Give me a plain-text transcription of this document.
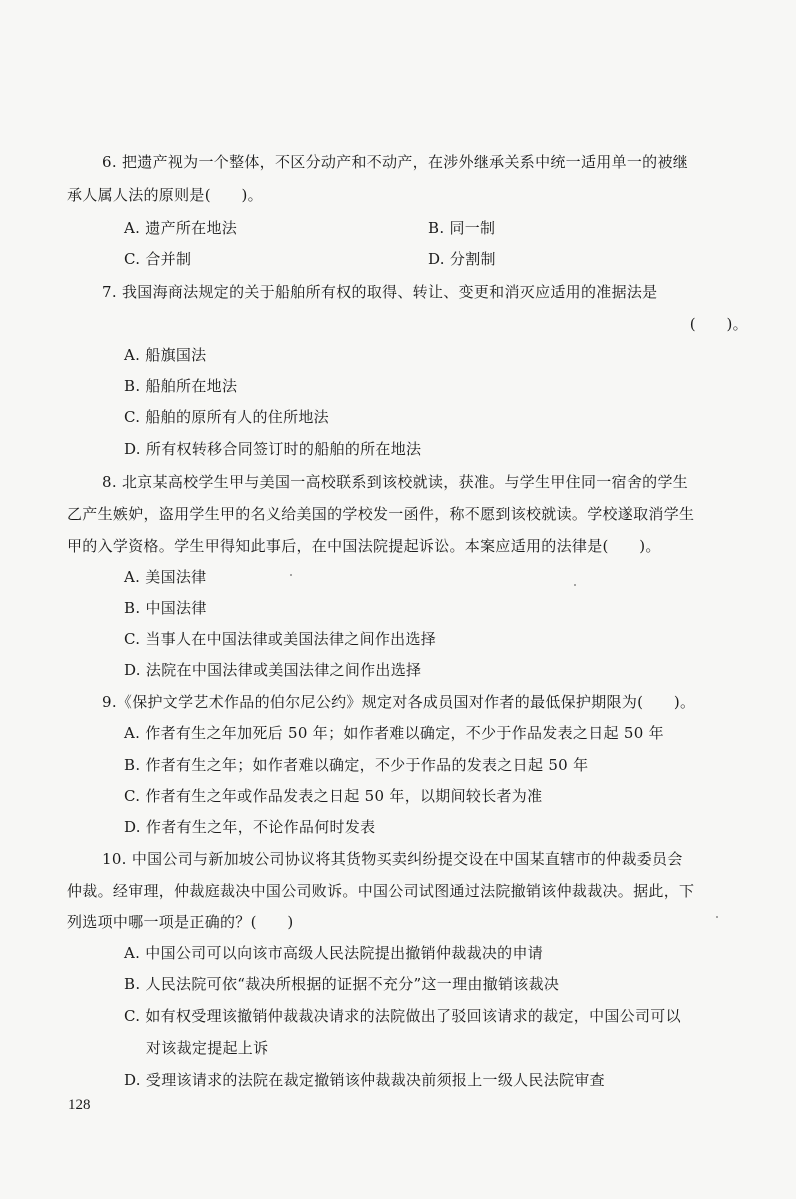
6. 把遗产视为一个整体，不区分动产和不动产，在涉外继承关系中统一适用单一的被继
承人属人法的原则是(　　)。
A. 遗产所在地法	B. 同一制
C. 合并制	D. 分割制
7. 我国海商法规定的关于船舶所有权的取得、转让、变更和消灭应适用的准据法是
(　　)。
A. 船旗国法
B. 船舶所在地法
C. 船舶的原所有人的住所地法
D. 所有权转移合同签订时的船舶的所在地法
8. 北京某高校学生甲与美国一高校联系到该校就读，获准。与学生甲住同一宿舍的学生
乙产生嫉妒，盗用学生甲的名义给美国的学校发一函件，称不愿到该校就读。学校遂取消学生
甲的入学资格。学生甲得知此事后，在中国法院提起诉讼。本案应适用的法律是(　　)。
A. 美国法律
B. 中国法律
C. 当事人在中国法律或美国法律之间作出选择
D. 法院在中国法律或美国法律之间作出选择
9.《保护文学艺术作品的伯尔尼公约》规定对各成员国对作者的最低保护期限为(　　)。
A. 作者有生之年加死后 50 年；如作者难以确定，不少于作品发表之日起 50 年
B. 作者有生之年；如作者难以确定，不少于作品的发表之日起 50 年
C. 作者有生之年或作品发表之日起 50 年，以期间较长者为准
D. 作者有生之年，不论作品何时发表
10. 中国公司与新加坡公司协议将其货物买卖纠纷提交设在中国某直辖市的仲裁委员会
仲裁。经审理，仲裁庭裁决中国公司败诉。中国公司试图通过法院撤销该仲裁裁决。据此，下
列选项中哪一项是正确的？(　　)
A. 中国公司可以向该市高级人民法院提出撤销仲裁裁决的申请
B. 人民法院可依“裁决所根据的证据不充分”这一理由撤销该裁决
C. 如有权受理该撤销仲裁裁决请求的法院做出了驳回该请求的裁定，中国公司可以
对该裁定提起上诉
D. 受理该请求的法院在裁定撤销该仲裁裁决前须报上一级人民法院审查
128
